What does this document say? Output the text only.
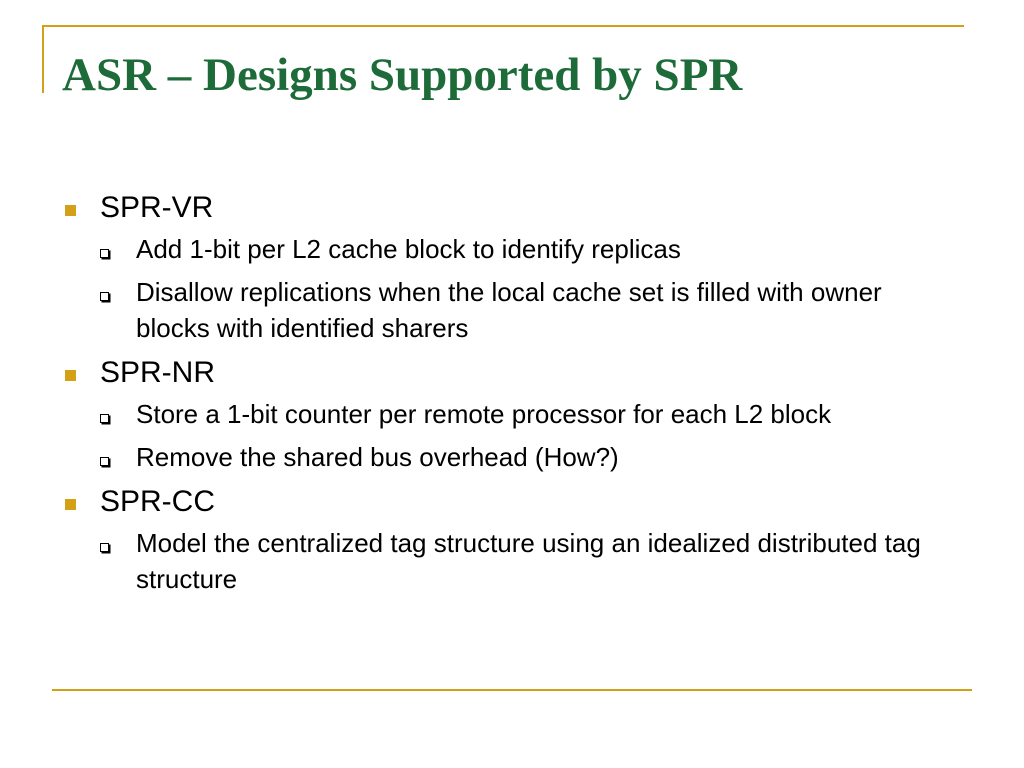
ASR – Designs Supported by SPR
SPR-VR
Add 1-bit per L2 cache block to identify replicas
Disallow replications when the local cache set is filled with owner blocks with identified sharers
SPR-NR
Store a 1-bit counter per remote processor for each L2 block
Remove the shared bus overhead (How?)
SPR-CC
Model the centralized tag structure using an idealized distributed tag structure
